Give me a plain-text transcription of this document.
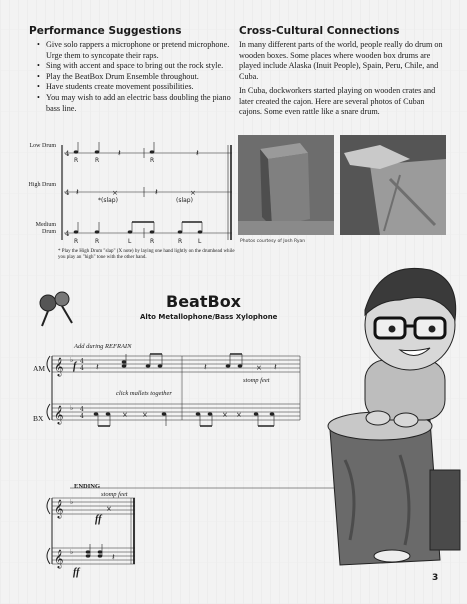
Performance Suggestions
• Give solo rappers a microphone or pretend microphone. Urge them to syncopate their raps.
• Sing with accent and space to bring out the rock style.
• Play the BeatBox Drum Ensemble throughout.
• Have students create movement possibilities.
• You may wish to add an electric bass doubling the piano bass line.
Cross-Cultural Connections

In many different parts of the world, people really do drum on wooden boxes. Some places where wooden box drums are played include Alaska (Inuit People), Spain, Peru, Chile, and Cuba.

In Cuba, dockworkers started playing on wooden crates and later created the cajon. Here are several photos of Cuban cajons. Some even rattle like a snare drum.

Photos courtesy of Josh Ryan
Low Drum
High Drum
Medium Drum
R	R	R
*(slap)	(slap)
R	R	L	R	R	L
* Play the High Drum "slap" (X note) by laying one hand lightly on the drumhead while you play an "high" tone with the other hand.
BeatBox
Alto Metallophone/Bass Xylophone
AM
BX
Add during REFRAIN
click mallets together
stomp feet
ENDING
stomp feet
ff
ff
f
4
4
4
𝄽	𝄽
𝄽	×	×
𝄽
𝄞
𝄞
♭
♭
4
4
4
4
𝄽	𝄽	× 𝄽
× ×	× ×
𝄞
𝄞
♭
♭
×
𝄽
3
